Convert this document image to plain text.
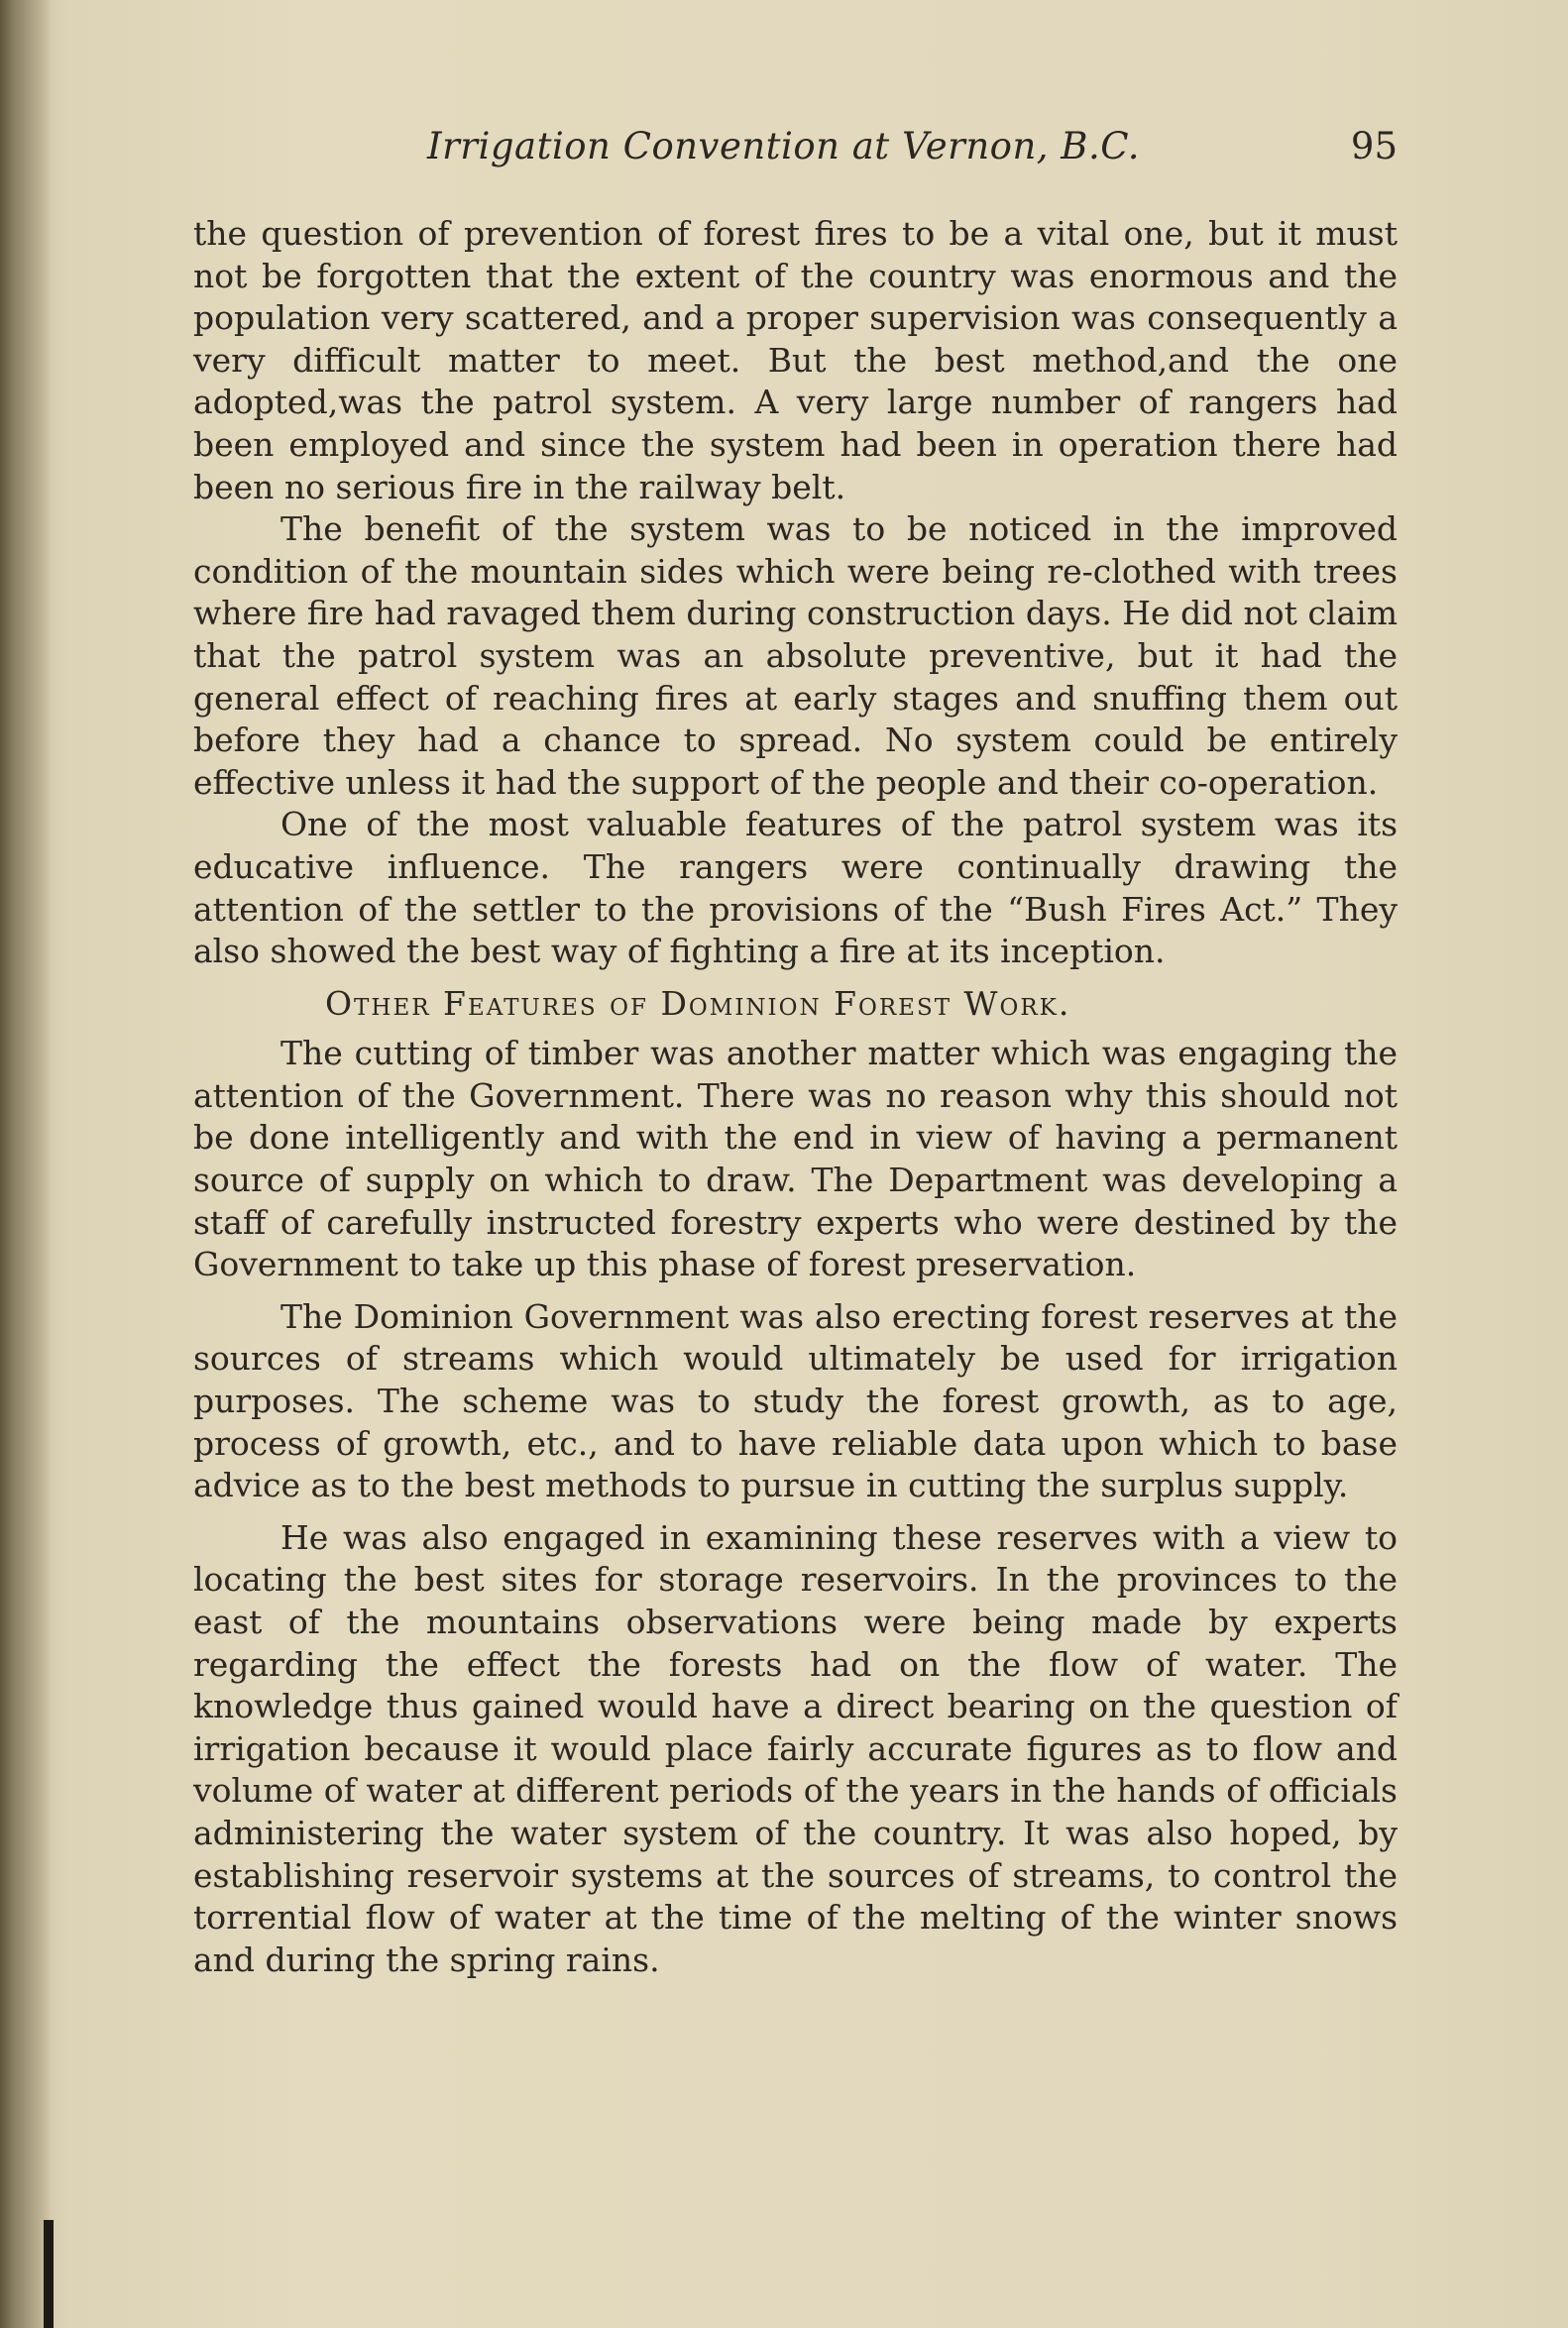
Irrigation Convention at Vernon, B.C.	95

the question of prevention of forest fires to be a vital one, but it must not be forgotten that the extent of the country was enormous and the population very scattered, and a proper supervision was consequently a very difficult matter to meet. But the best method,and the one adopted,was the patrol system. A very large number of rangers had been employed and since the system had been in operation there had been no serious fire in the railway belt.

The benefit of the system was to be noticed in the improved condition of the mountain sides which were being re-clothed with trees where fire had ravaged them during construction days. He did not claim that the patrol system was an absolute preventive, but it had the general effect of reaching fires at early stages and snuffing them out before they had a chance to spread. No system could be entirely effective unless it had the support of the people and their co-operation.

One of the most valuable features of the patrol system was its educative influence. The rangers were continually drawing the attention of the settler to the provisions of the “Bush Fires Act.” They also showed the best way of fighting a fire at its inception.

Other Features of Dominion Forest Work.

The cutting of timber was another matter which was engaging the attention of the Government. There was no reason why this should not be done intelligently and with the end in view of having a permanent source of supply on which to draw. The Department was developing a staff of carefully instructed forestry experts who were destined by the Government to take up this phase of forest preservation.

The Dominion Government was also erecting forest reserves at the sources of streams which would ultimately be used for irrigation purposes. The scheme was to study the forest growth, as to age, process of growth, etc., and to have reliable data upon which to base advice as to the best methods to pursue in cutting the surplus supply.

He was also engaged in examining these reserves with a view to locating the best sites for storage reservoirs. In the provinces to the east of the mountains observations were being made by experts regarding the effect the forests had on the flow of water. The knowledge thus gained would have a direct bearing on the question of irrigation because it would place fairly accurate figures as to flow and volume of water at different periods of the years in the hands of officials administering the water system of the country. It was also hoped, by establishing reservoir systems at the sources of streams, to control the torrential flow of water at the time of the melting of the winter snows and during the spring rains.
